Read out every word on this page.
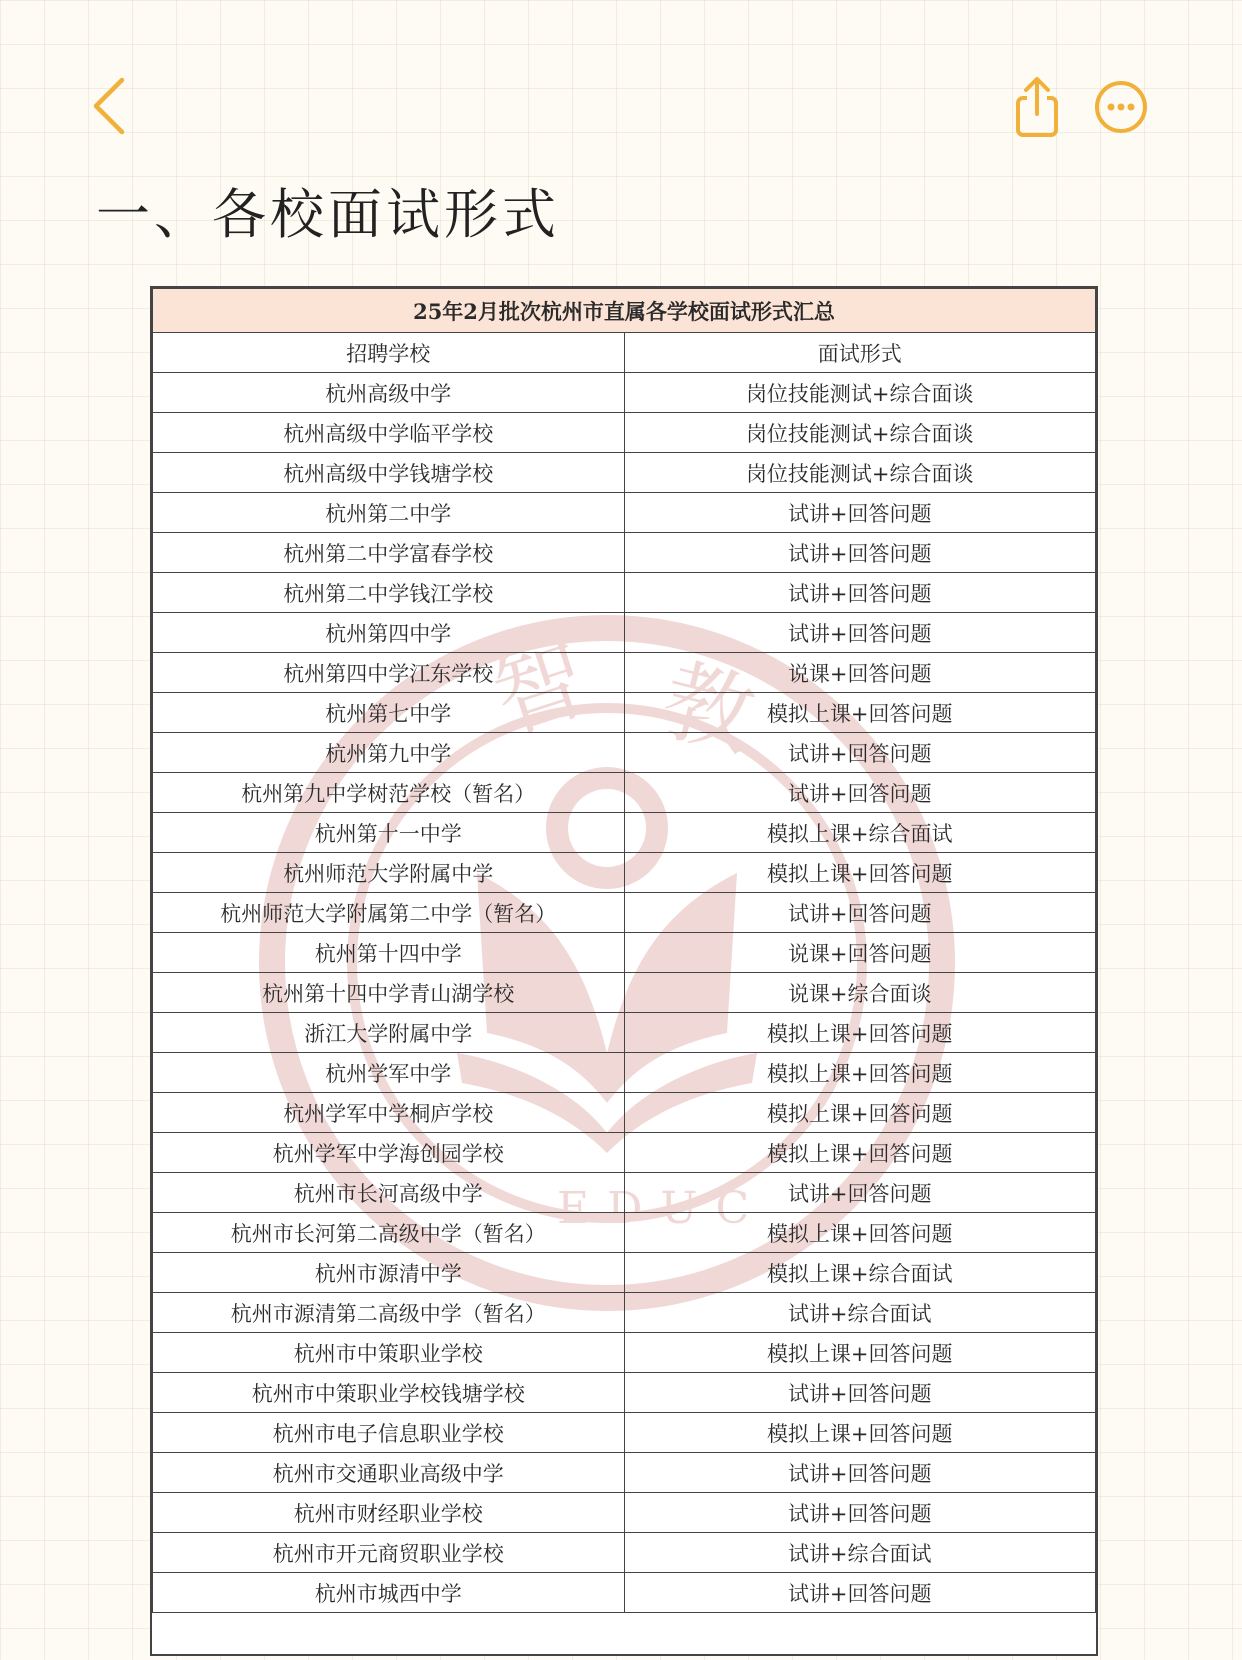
一、各校面试形式
智 教
EDUC
25年2月批次杭州市直属各学校面试形式汇总	
招聘学校	面试形式
杭州高级中学	岗位技能测试+综合面谈
杭州高级中学临平学校	岗位技能测试+综合面谈
杭州高级中学钱塘学校	岗位技能测试+综合面谈
杭州第二中学	试讲+回答问题
杭州第二中学富春学校	试讲+回答问题
杭州第二中学钱江学校	试讲+回答问题
杭州第四中学	试讲+回答问题
杭州第四中学江东学校	说课+回答问题
杭州第七中学	模拟上课+回答问题
杭州第九中学	试讲+回答问题
杭州第九中学树范学校（暂名）	试讲+回答问题
杭州第十一中学	模拟上课+综合面试
杭州师范大学附属中学	模拟上课+回答问题
杭州师范大学附属第二中学（暂名）	试讲+回答问题
杭州第十四中学	说课+回答问题
杭州第十四中学青山湖学校	说课+综合面谈
浙江大学附属中学	模拟上课+回答问题
杭州学军中学	模拟上课+回答问题
杭州学军中学桐庐学校	模拟上课+回答问题
杭州学军中学海创园学校	模拟上课+回答问题
杭州市长河高级中学	试讲+回答问题
杭州市长河第二高级中学（暂名）	模拟上课+回答问题
杭州市源清中学	模拟上课+综合面试
杭州市源清第二高级中学（暂名）	试讲+综合面试
杭州市中策职业学校	模拟上课+回答问题
杭州市中策职业学校钱塘学校	试讲+回答问题
杭州市电子信息职业学校	模拟上课+回答问题
杭州市交通职业高级中学	试讲+回答问题
杭州市财经职业学校	试讲+回答问题
杭州市开元商贸职业学校	试讲+综合面试
杭州市城西中学	试讲+回答问题
